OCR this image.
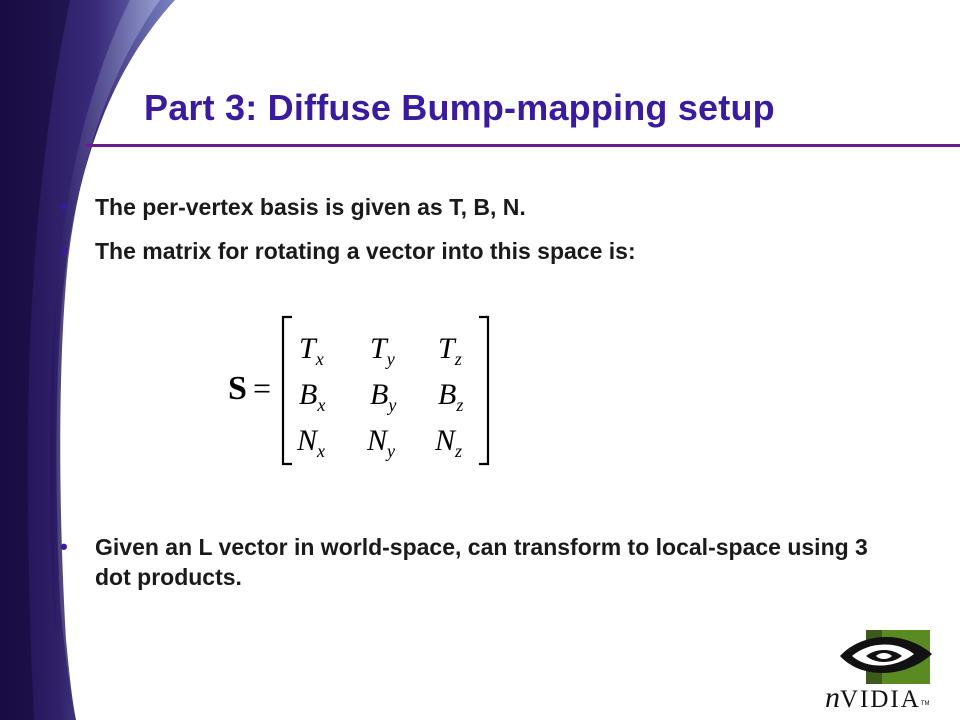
Part 3: Diffuse Bump-mapping setup
• The per-vertex basis is given as T, B, N.
• The matrix for rotating a vector into this space is:
S =
$T_x$ $T_y$ $T_z$
$B_x$ $B_y$ $B_z$
$N_x$ $N_y$ $N_z$
• Given an L vector in world-space, can transform to local-space using 3 dot products.
nVIDIATM
